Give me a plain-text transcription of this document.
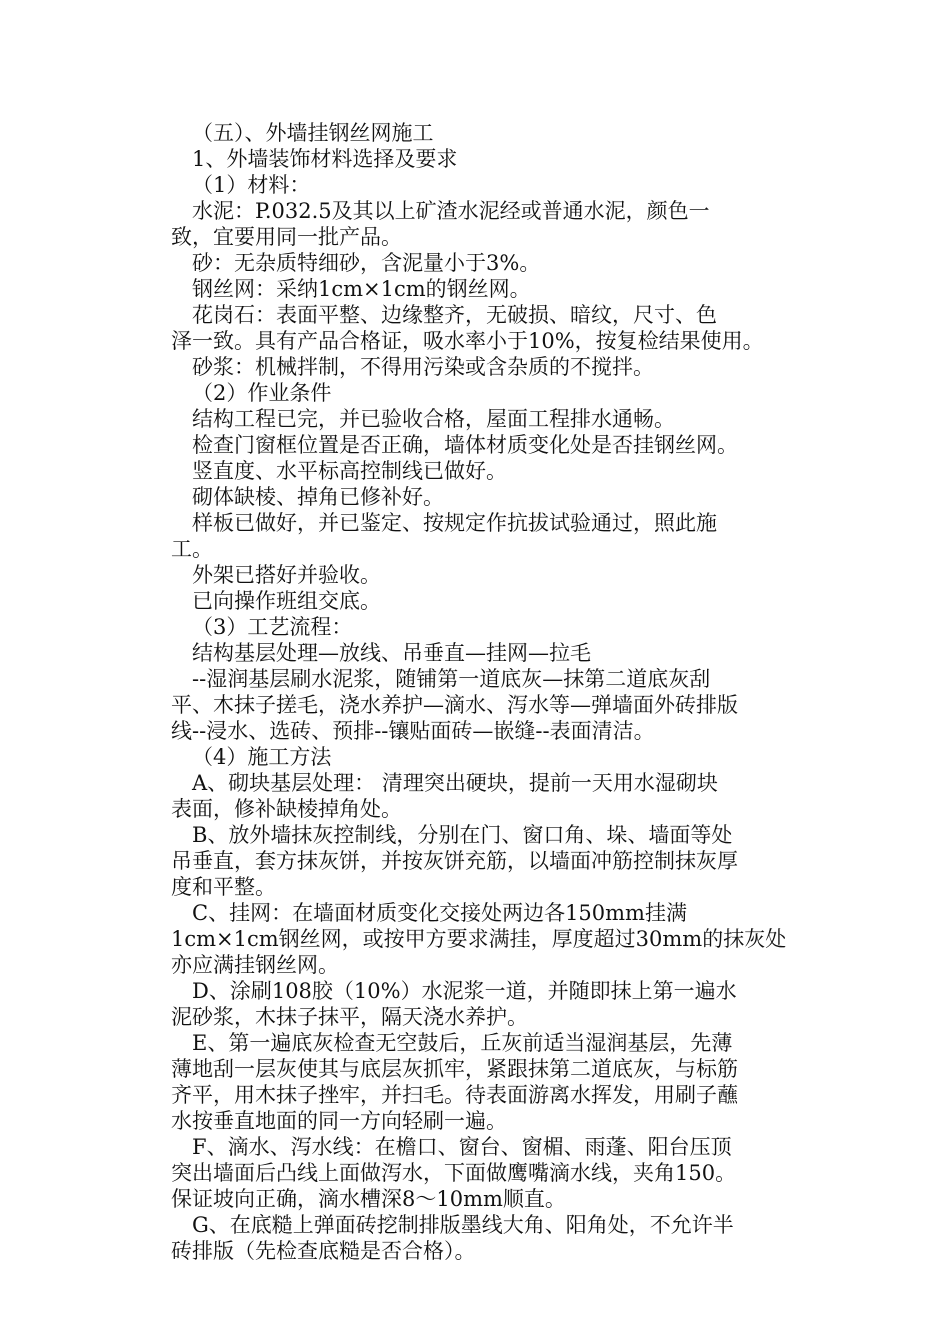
（五）、外墙挂钢丝网施工
1、外墙装饰材料选择及要求
（1）材料：
水泥：P.032.5及其以上矿渣水泥经或普通水泥，颜色一
致，宜要用同一批产品。
砂：无杂质特细砂，含泥量小于3%。
钢丝网：采纳1cm×1cm的钢丝网。
花岗石：表面平整、边缘整齐，无破损、暗纹，尺寸、色
泽一致。具有产品合格证，吸水率小于10%，按复检结果使用。
砂浆：机械拌制，不得用污染或含杂质的不搅拌。
（2）作业条件
结构工程已完，并已验收合格，屋面工程排水通畅。
检查门窗框位置是否正确，墙体材质变化处是否挂钢丝网。
竖直度、水平标高控制线已做好。
砌体缺棱、掉角已修补好。
样板已做好，并已鉴定、按规定作抗拔试验通过，照此施
工。
外架已搭好并验收。
已向操作班组交底。
（3）工艺流程：
结构基层处理—放线、吊垂直—挂网—拉毛
--湿润基层刷水泥浆，随铺第一道底灰—抹第二道底灰刮
平、木抹子搓毛，浇水养护—滴水、泻水等—弹墙面外砖排版
线--浸水、选砖、预排--镶贴面砖—嵌缝--表面清洁。
（4）施工方法
A、砌块基层处理： 清理突出硬块，提前一天用水湿砌块
表面，修补缺棱掉角处。
B、放外墙抹灰控制线，分别在门、窗口角、垛、墙面等处
吊垂直，套方抹灰饼，并按灰饼充筋，以墙面冲筋控制抹灰厚
度和平整。
C、挂网：在墙面材质变化交接处两边各150mm挂满
1cm×1cm钢丝网，或按甲方要求满挂，厚度超过30mm的抹灰处
亦应满挂钢丝网。
D、涂刷108胶（10%）水泥浆一道，并随即抹上第一遍水
泥砂浆，木抹子抹平，隔天浇水养护。
E、第一遍底灰检查无空鼓后，丘灰前适当湿润基层，先薄
薄地刮一层灰使其与底层灰抓牢，紧跟抹第二道底灰，与标筋
齐平，用木抹子挫牢，并扫毛。待表面游离水挥发，用刷子蘸
水按垂直地面的同一方向轻刷一遍。
F、滴水、泻水线：在檐口、窗台、窗楣、雨蓬、阳台压顶
突出墙面后凸线上面做泻水，下面做鹰嘴滴水线，夹角150。
保证坡向正确，滴水槽深8～10mm顺直。
G、在底糙上弹面砖挖制排版墨线大角、阳角处，不允许半
砖排版（先检查底糙是否合格）。
